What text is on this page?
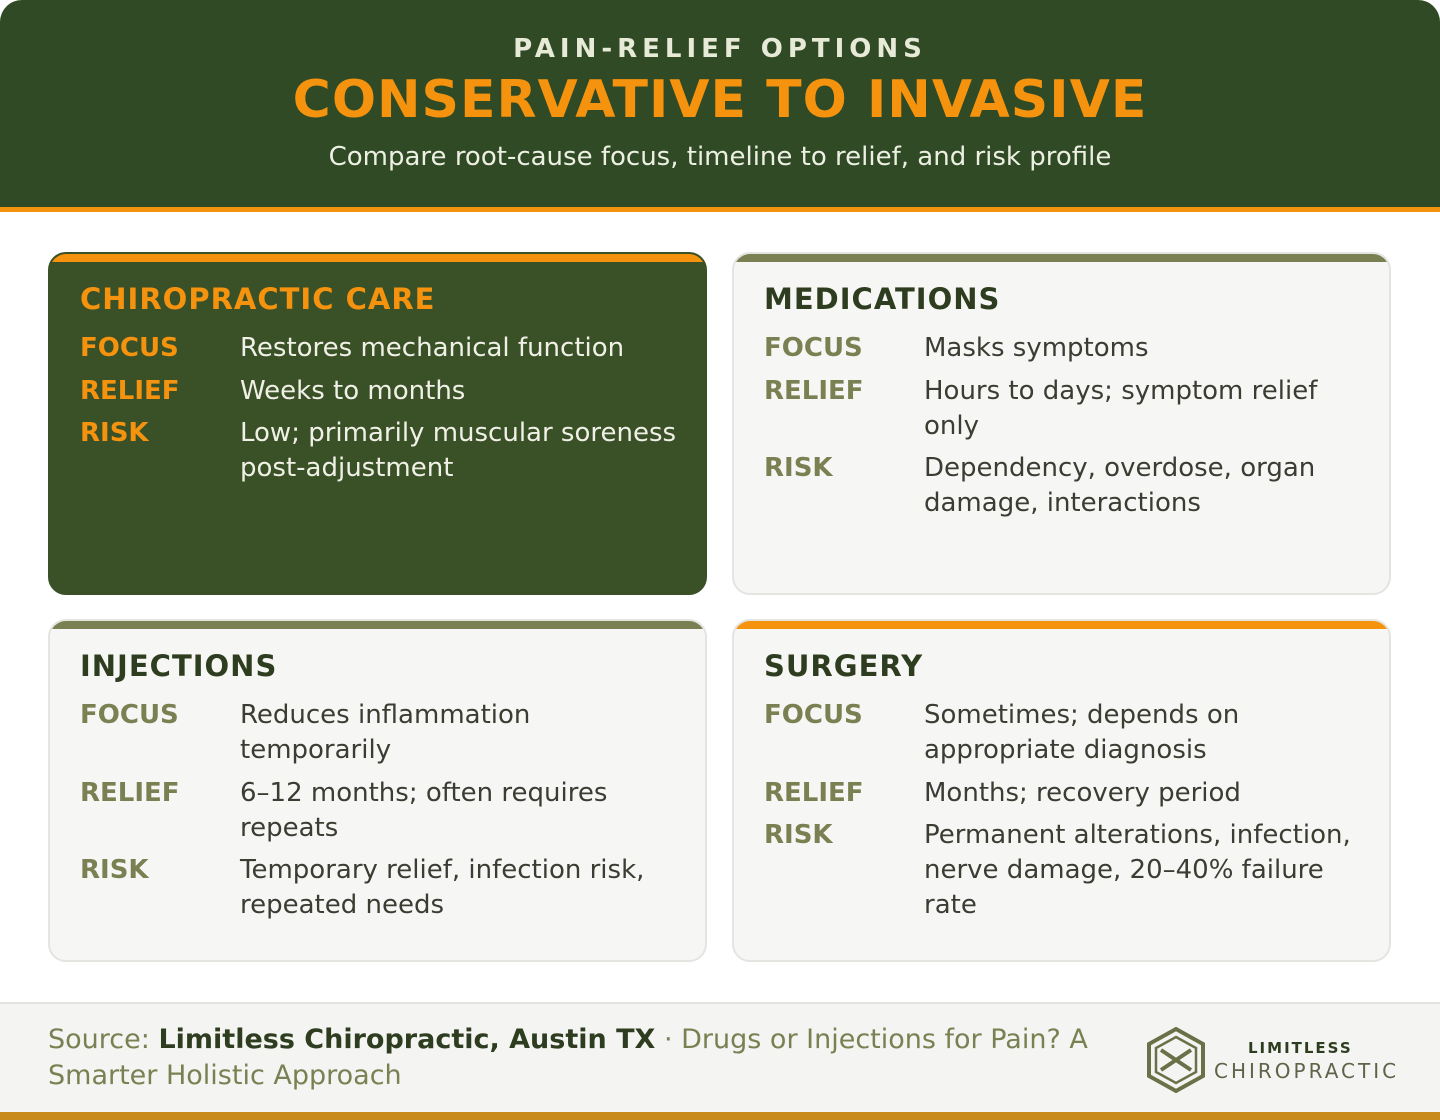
PAIN-RELIEF OPTIONS
CONSERVATIVE TO INVASIVE
Compare root-cause focus, timeline to relief, and risk profile
CHIROPRACTIC CARE
FOCUS	Restores mechanical function
RELIEF	Weeks to months
RISK	Low; primarily muscular soreness post-adjustment
MEDICATIONS
FOCUS	Masks symptoms
RELIEF	Hours to days; symptom relief only
RISK	Dependency, overdose, organ damage, interactions
INJECTIONS
FOCUS	Reduces inflammation temporarily
RELIEF	6–12 months; often requires repeats
RISK	Temporary relief, infection risk, repeated needs
SURGERY
FOCUS	Sometimes; depends on appropriate diagnosis
RELIEF	Months; recovery period
RISK	Permanent alterations, infection, nerve damage, 20–40% failure rate
Source: Limitless Chiropractic, Austin TX · Drugs or Injections for Pain? A Smarter Holistic Approach
LIMITLESS
CHIROPRACTIC
